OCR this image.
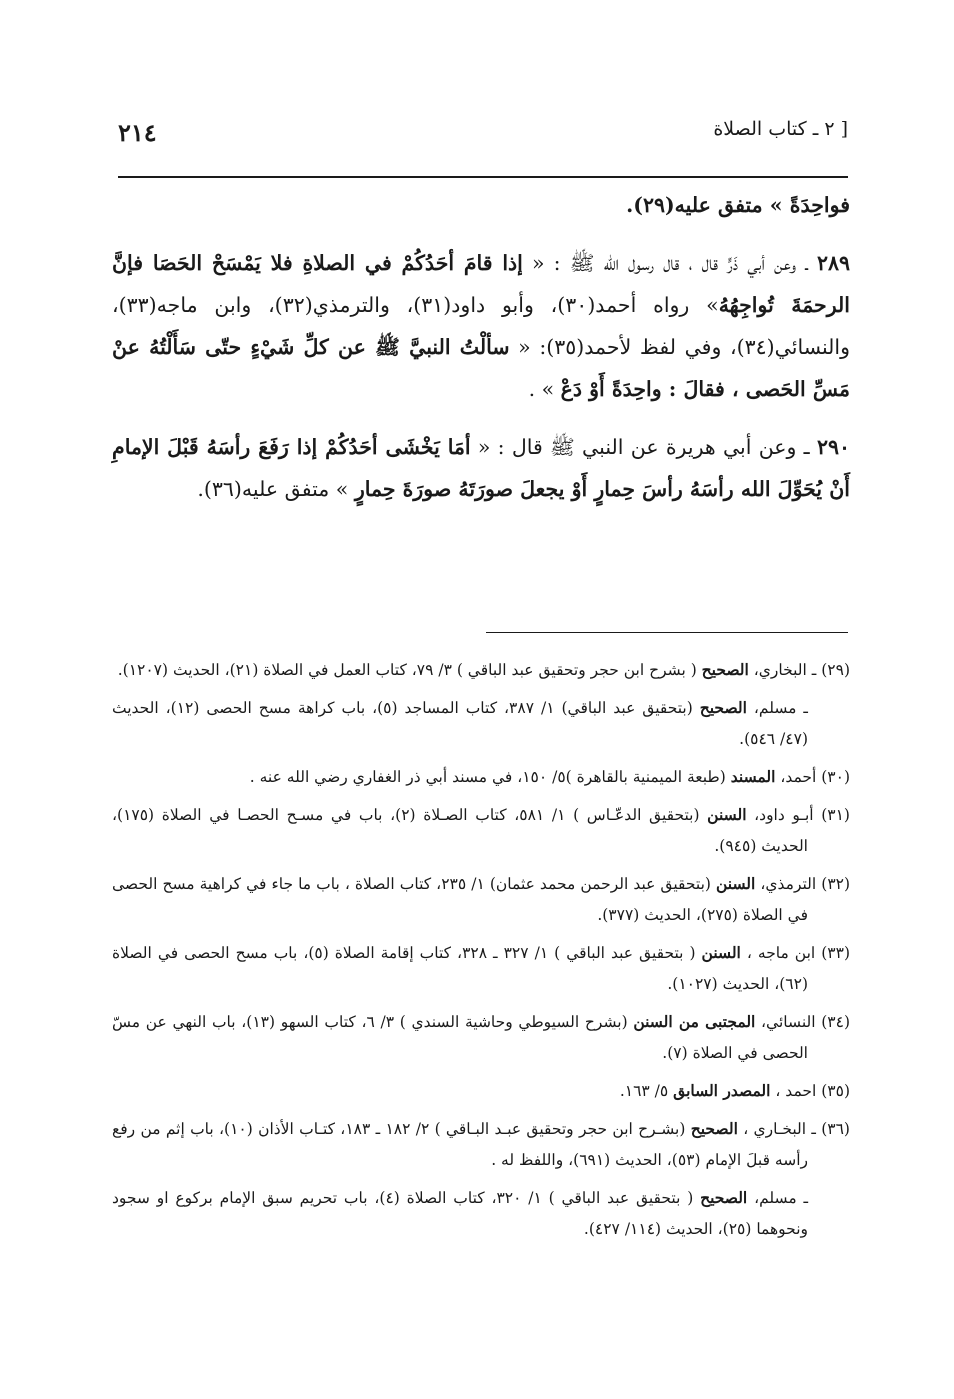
٢١٤	[ ٢ ـ كتاب الصلاة

فواحِدَةً » متفق عليه(٢٩).

٢٨٩ ـ وعن أبي ذَرٍّ قال ، قال رسول الله ﷺ : « إذا قامَ أحَدُكُمْ في الصلاةِ فلا يَمْسَحْ الحَصَا فإنَّ الرحمَةَ تُواجِهُهُ» رواه أحمد(٣٠)، وأبو داود(٣١)، والترمذي(٣٢)، وابن ماجه(٣٣)، والنسائي(٣٤)، وفي لفظ لأحمد(٣٥): « سألْتُ النبيَّ ﷺ عن كلِّ شَيْءٍ حتّى سَأَلْتُهُ عنْ مَسِّ الحَصى ، فقالَ : واحِدَةً أَوْ دَعْ » .

٢٩٠ ـ وعن أبي هريرة عن النبي ﷺ قال : « أمَا يَخْشَى أحَدُكُمْ إذا رَفَعَ رأسَهُ قَبْلَ الإمامِ أَنْ يُحَوِّلَ الله رأسَهُ رأسَ حِمارٍ أَوْ يجعلَ صورَتَهُ صورَةَ حِمارٍ » متفق عليه(٣٦).

(٢٩) ـ البخاري، الصحيح ( بشرح ابن حجر وتحقيق عبد الباقي ) ٣/ ٧٩، كتاب العمل في الصلاة (٢١)، الحديث (١٢٠٧).

ـ مسلم، الصحيح (بتحقيق عبد الباقي) ١/ ٣٨٧، كتاب المساجد (٥)، باب كراهة مسح الحصى (١٢)، الحديث (٤٧/ ٥٤٦).

(٣٠) أحمد، المسند (طبعة الميمنية بالقاهرة )٥/ ١٥٠، في مسند أبي ذر الغفاري رضي الله عنه .

(٣١) أبـو داود، السنن (بتحقيق الدعّـاس ) ١/ ٥٨١، كتاب الصـلاة (٢)، باب في مسـح الحصـا في الصلاة (١٧٥)، الحديث (٩٤٥).

(٣٢) الترمذي، السنن (بتحقيق عبد الرحمن محمد عثمان) ١/ ٢٣٥، كتاب الصلاة ، باب ما جاء في كراهية مسح الحصى في الصلاة (٢٧٥)، الحديث (٣٧٧).

(٣٣) ابن ماجه ، السنن ( بتحقيق عبد الباقي ) ١/ ٣٢٧ ـ ٣٢٨، كتاب إقامة الصلاة (٥)، باب مسح الحصى في الصلاة (٦٢)، الحديث (١٠٢٧).

(٣٤) النسائي، المجتبى من السنن (بشرح السيوطي وحاشية السندي ) ٣/ ٦، كتاب السهو (١٣)، باب النهي عن مسّ الحصى في الصلاة (٧).

(٣٥) احمد ، المصدر السابق ٥/ ١٦٣.

(٣٦) ـ البخـاري ، الصحيح (بشـرح ابن حجر وتحقيق عبـد البـاقي ) ٢/ ١٨٢ ـ ١٨٣، كتـاب الأذان (١٠)، باب إثم من رفع رأسه قبلَ الإمام (٥٣)، الحديث (٦٩١)، واللفظ له .

ـ مسلم، الصحيح ( بتحقيق عبد الباقي ) ١/ ٣٢٠، كتاب الصلاة (٤)، باب تحريم سبق الإمام بركوع او سجود ونحوهما (٢٥)، الحديث (١١٤/ ٤٢٧).
